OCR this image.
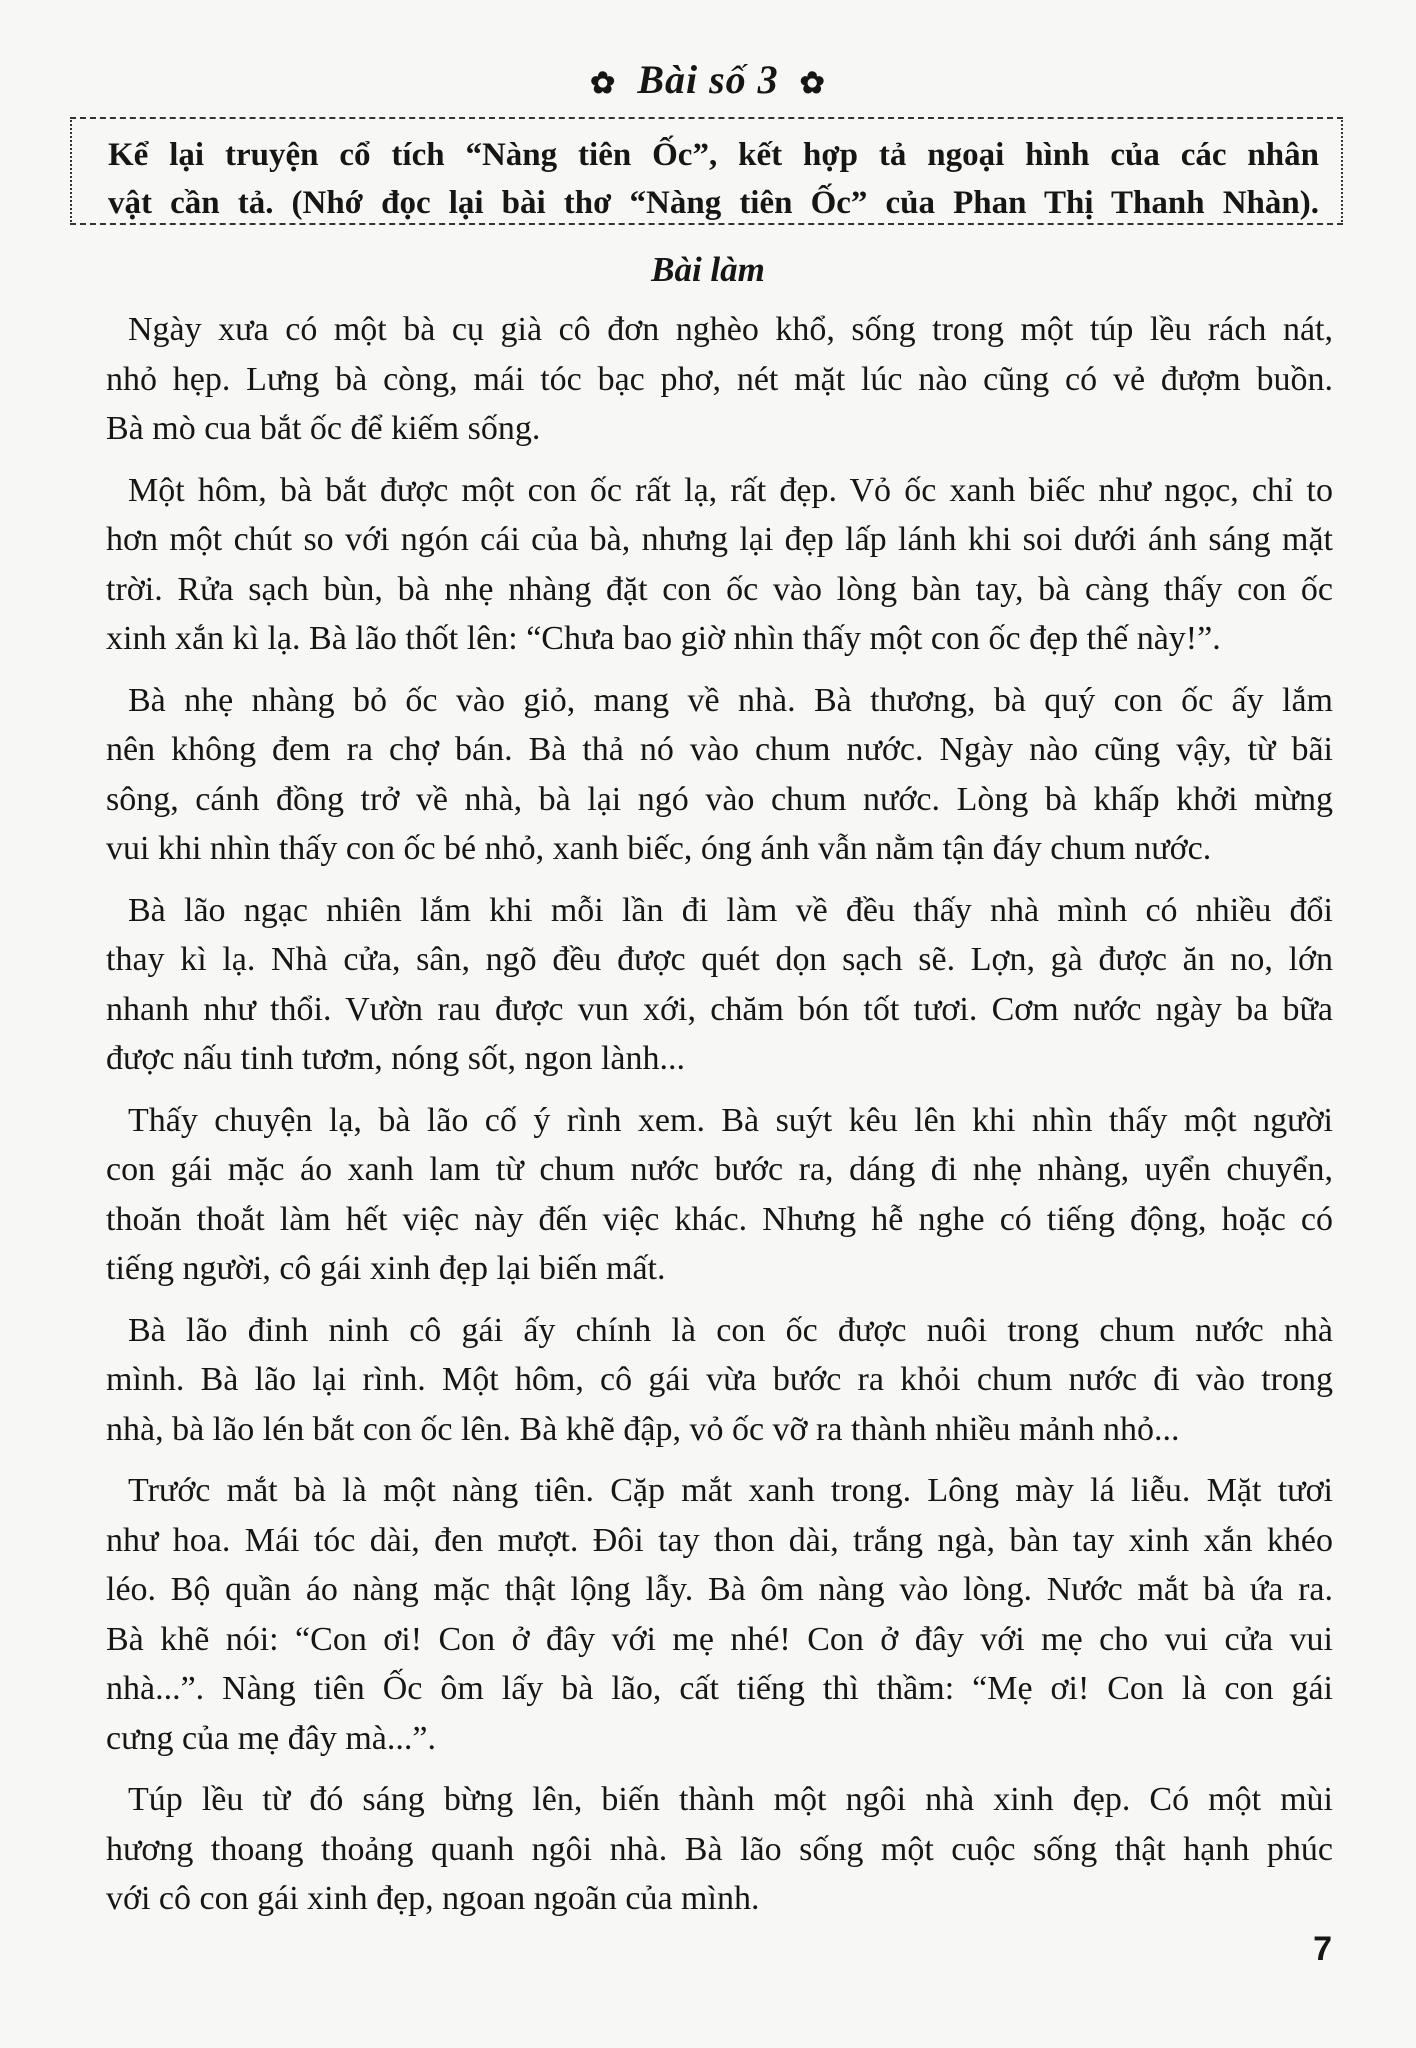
✿ Bài số 3 ✿
Kể lại truyện cổ tích “Nàng tiên Ốc”, kết hợp tả ngoại hình của các nhân
vật cần tả. (Nhớ đọc lại bài thơ “Nàng tiên Ốc” của Phan Thị Thanh Nhàn).
Bài làm
Ngày xưa có một bà cụ già cô đơn nghèo khổ, sống trong một túp lều rách nát,
nhỏ hẹp. Lưng bà còng, mái tóc bạc phơ, nét mặt lúc nào cũng có vẻ đượm buồn.
Bà mò cua bắt ốc để kiếm sống.
Một hôm, bà bắt được một con ốc rất lạ, rất đẹp. Vỏ ốc xanh biếc như ngọc, chỉ to
hơn một chút so với ngón cái của bà, nhưng lại đẹp lấp lánh khi soi dưới ánh sáng mặt
trời. Rửa sạch bùn, bà nhẹ nhàng đặt con ốc vào lòng bàn tay, bà càng thấy con ốc
xinh xắn kì lạ. Bà lão thốt lên: “Chưa bao giờ nhìn thấy một con ốc đẹp thế này!”.
Bà nhẹ nhàng bỏ ốc vào giỏ, mang về nhà. Bà thương, bà quý con ốc ấy lắm
nên không đem ra chợ bán. Bà thả nó vào chum nước. Ngày nào cũng vậy, từ bãi
sông, cánh đồng trở về nhà, bà lại ngó vào chum nước. Lòng bà khấp khởi mừng
vui khi nhìn thấy con ốc bé nhỏ, xanh biếc, óng ánh vẫn nằm tận đáy chum nước.
Bà lão ngạc nhiên lắm khi mỗi lần đi làm về đều thấy nhà mình có nhiều đổi
thay kì lạ. Nhà cửa, sân, ngõ đều được quét dọn sạch sẽ. Lợn, gà được ăn no, lớn
nhanh như thổi. Vườn rau được vun xới, chăm bón tốt tươi. Cơm nước ngày ba bữa
được nấu tinh tươm, nóng sốt, ngon lành...
Thấy chuyện lạ, bà lão cố ý rình xem. Bà suýt kêu lên khi nhìn thấy một người
con gái mặc áo xanh lam từ chum nước bước ra, dáng đi nhẹ nhàng, uyển chuyển,
thoăn thoắt làm hết việc này đến việc khác. Nhưng hễ nghe có tiếng động, hoặc có
tiếng người, cô gái xinh đẹp lại biến mất.
Bà lão đinh ninh cô gái ấy chính là con ốc được nuôi trong chum nước nhà
mình. Bà lão lại rình. Một hôm, cô gái vừa bước ra khỏi chum nước đi vào trong
nhà, bà lão lén bắt con ốc lên. Bà khẽ đập, vỏ ốc vỡ ra thành nhiều mảnh nhỏ...
Trước mắt bà là một nàng tiên. Cặp mắt xanh trong. Lông mày lá liễu. Mặt tươi
như hoa. Mái tóc dài, đen mượt. Đôi tay thon dài, trắng ngà, bàn tay xinh xắn khéo
léo. Bộ quần áo nàng mặc thật lộng lẫy. Bà ôm nàng vào lòng. Nước mắt bà ứa ra.
Bà khẽ nói: “Con ơi! Con ở đây với mẹ nhé! Con ở đây với mẹ cho vui cửa vui
nhà...”. Nàng tiên Ốc ôm lấy bà lão, cất tiếng thì thầm: “Mẹ ơi! Con là con gái
cưng của mẹ đây mà...”.
Túp lều từ đó sáng bừng lên, biến thành một ngôi nhà xinh đẹp. Có một mùi
hương thoang thoảng quanh ngôi nhà. Bà lão sống một cuộc sống thật hạnh phúc
với cô con gái xinh đẹp, ngoan ngoãn của mình.
7
